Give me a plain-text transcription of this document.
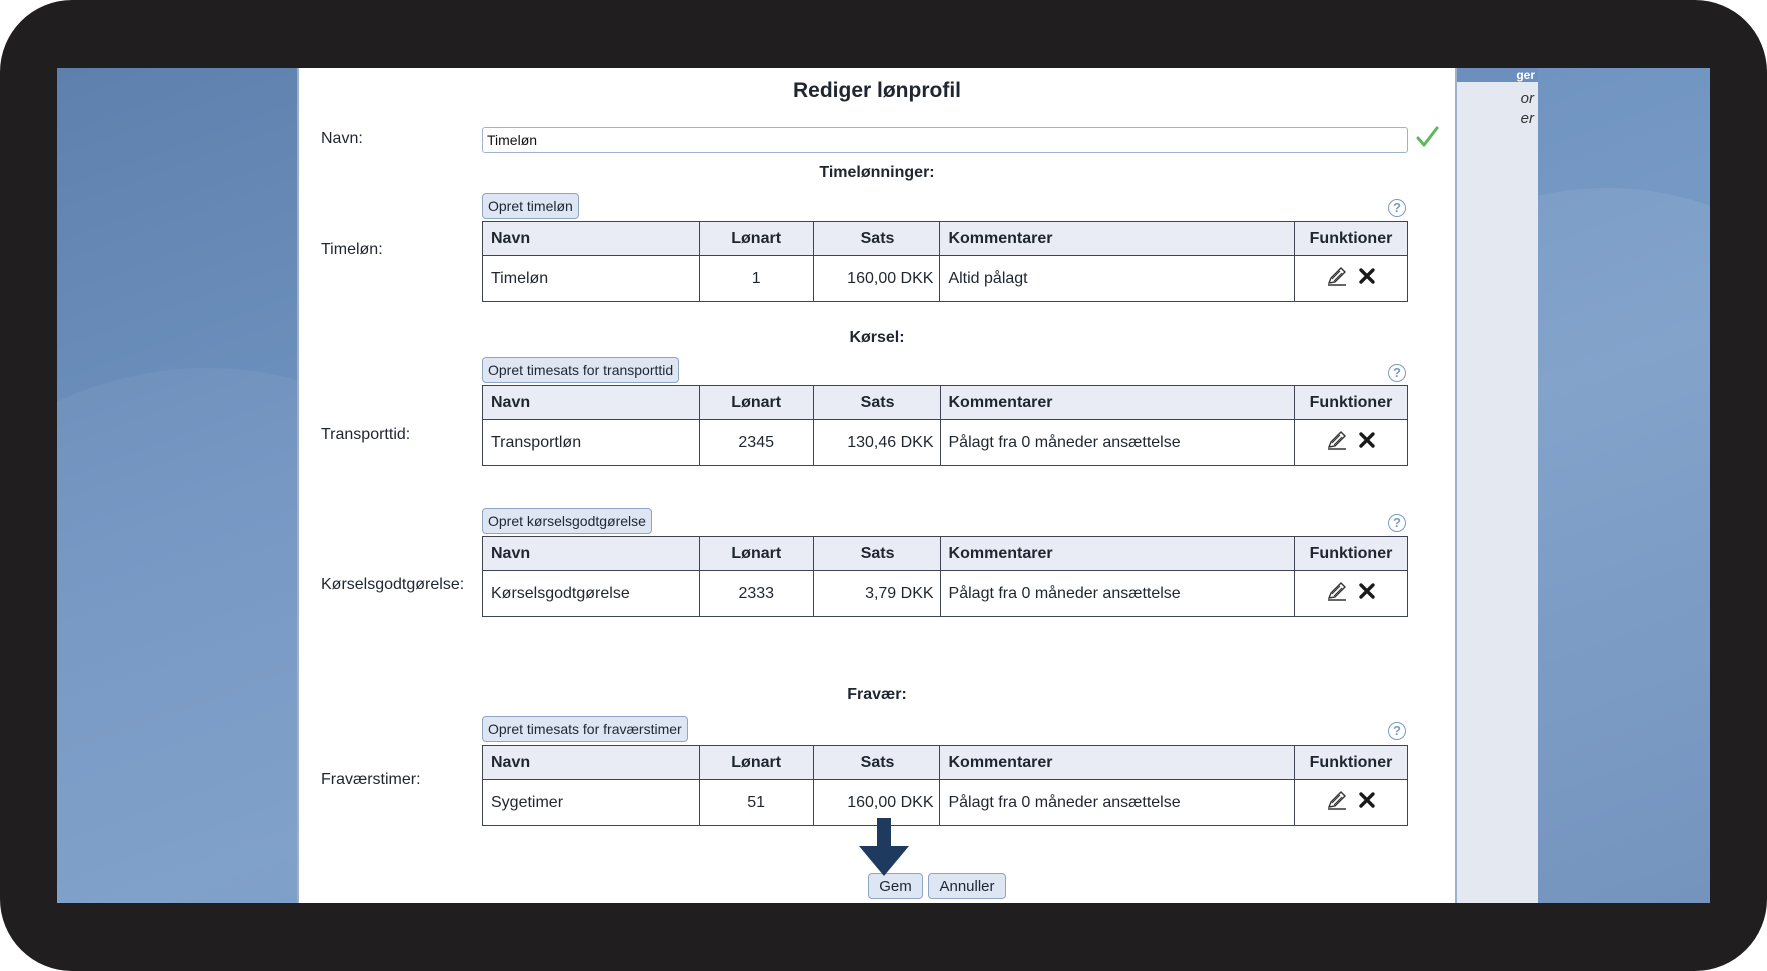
ger
or
er
Rediger lønprofil
Navn:
Timeløn
Timelønninger:
Opret timeløn	?
Timeløn:
Navn	Lønart	Sats	Kommentarer	Funktioner
Timeløn	1	160,00 DKK	Altid pålagt	
Kørsel:
Opret timesats for transporttid	?
Transporttid:
Navn	Lønart	Sats	Kommentarer	Funktioner
Transportløn	2345	130,46 DKK	Pålagt fra 0 måneder ansættelse	
Opret kørselsgodtgørelse	?
Kørselsgodtgørelse:
Navn	Lønart	Sats	Kommentarer	Funktioner
Kørselsgodtgørelse	2333	3,79 DKK	Pålagt fra 0 måneder ansættelse	
Fravær:
Opret timesats for fraværstimer	?
Fraværstimer:
Navn	Lønart	Sats	Kommentarer	Funktioner
Sygetimer	51	160,00 DKK	Pålagt fra 0 måneder ansættelse	
Gem	Annuller
